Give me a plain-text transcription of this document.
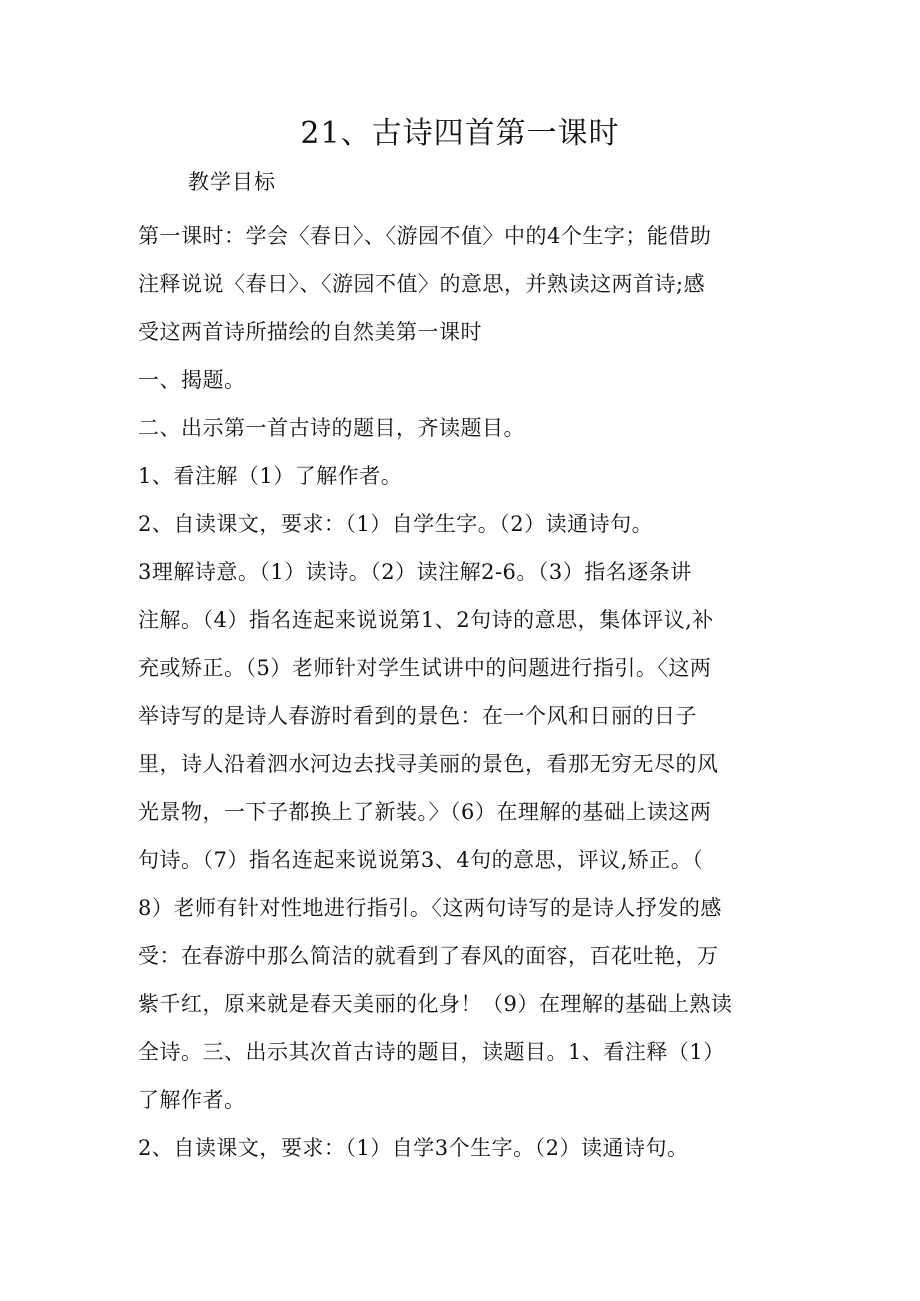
21、古诗四首第一课时
教学目标
第一课时：学会〈春日〉、〈游园不值〉中的4个生字；能借助
注释说说〈春日〉、〈游园不值〉的意思，并熟读这两首诗;感
受这两首诗所描绘的自然美第一课时
一、揭题。
二、出示第一首古诗的题目，齐读题目。
1、看注解（1）了解作者。
2、自读课文，要求：（1）自学生字。（2）读通诗句。
3理解诗意。（1）读诗。（2）读注解2-6。（3）指名逐条讲
注解。（4）指名连起来说说第1、2句诗的意思，集体评议,补
充或矫正。（5）老师针对学生试讲中的问题进行指引。〈这两
举诗写的是诗人春游时看到的景色：在一个风和日丽的日子
里，诗人沿着泗水河边去找寻美丽的景色，看那无穷无尽的风
光景物，一下子都换上了新装。〉（6）在理解的基础上读这两
句诗。（7）指名连起来说说第3、4句的意思，评议,矫正。（
8）老师有针对性地进行指引。〈这两句诗写的是诗人抒发的感
受：在春游中那么简洁的就看到了春风的面容，百花吐艳，万
紫千红，原来就是春天美丽的化身！（9）在理解的基础上熟读
全诗。三、出示其次首古诗的题目，读题目。1、看注释（1）
了解作者。
2、自读课文，要求：（1）自学3个生字。（2）读通诗句。
